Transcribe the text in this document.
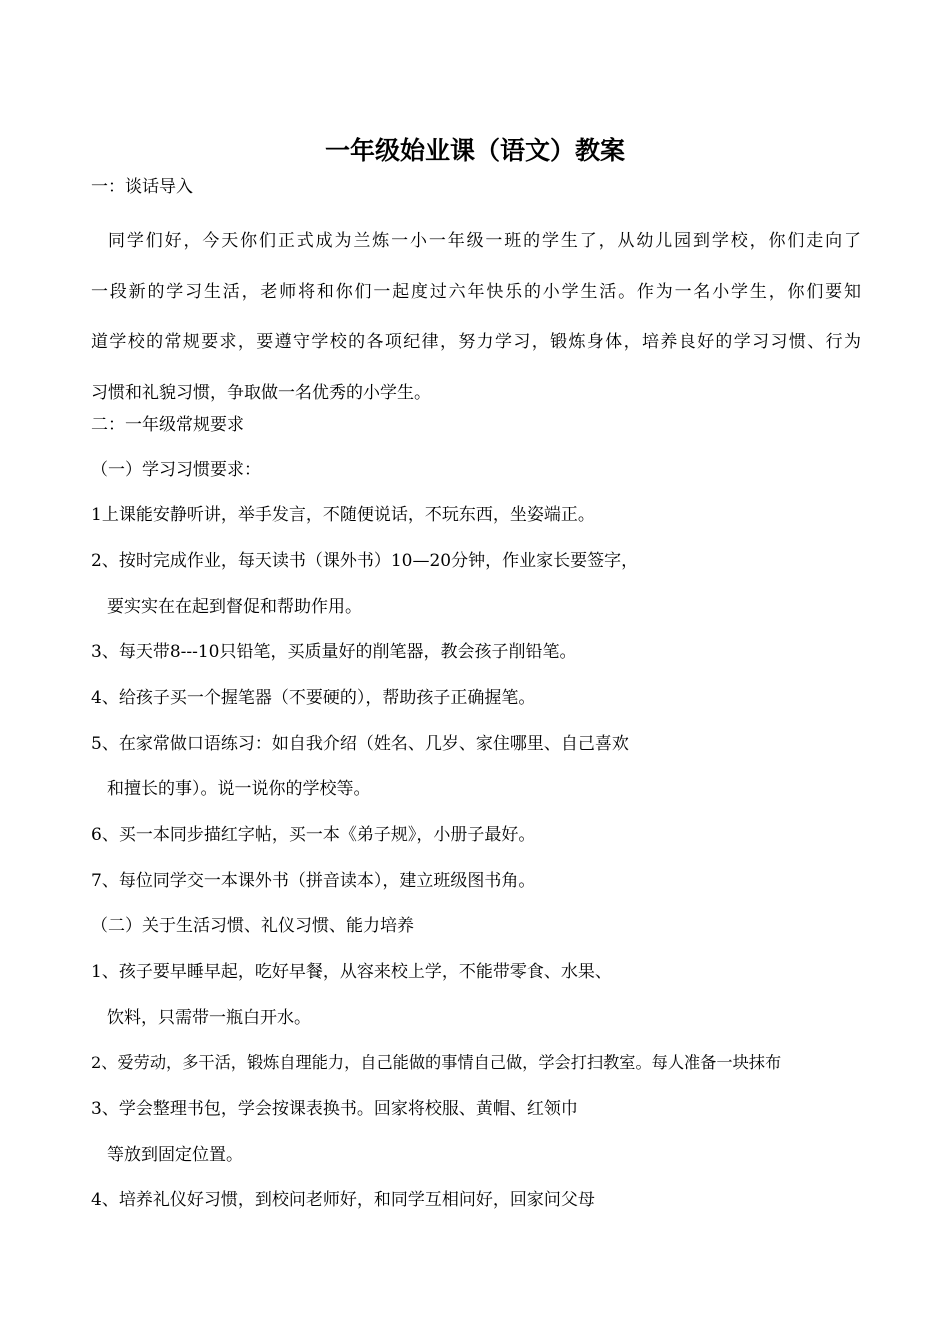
一年级始业课（语文）教案
一：谈话导入
同学们好，今天你们正式成为兰炼一小一年级一班的学生了，从幼儿园到学校，你们走向了
一段新的学习生活，老师将和你们一起度过六年快乐的小学生活。作为一名小学生，你们要知
道学校的常规要求，要遵守学校的各项纪律，努力学习，锻炼身体，培养良好的学习习惯、行为
习惯和礼貌习惯，争取做一名优秀的小学生。
二：一年级常规要求
（一）学习习惯要求：
1上课能安静听讲，举手发言，不随便说话，不玩东西，坐姿端正。
2、按时完成作业，每天读书（课外书）10—20分钟，作业家长要签字，
要实实在在起到督促和帮助作用。
3、每天带8---10只铅笔，买质量好的削笔器，教会孩子削铅笔。
4、给孩子买一个握笔器（不要硬的），帮助孩子正确握笔。
5、在家常做口语练习：如自我介绍（姓名、几岁、家住哪里、自己喜欢
和擅长的事）。说一说你的学校等。
6、买一本同步描红字帖，买一本《弟子规》，小册子最好。
7、每位同学交一本课外书（拼音读本），建立班级图书角。
（二）关于生活习惯、礼仪习惯、能力培养
1、孩子要早睡早起，吃好早餐，从容来校上学，不能带零食、水果、
饮料，只需带一瓶白开水。
2、爱劳动，多干活，锻炼自理能力，自己能做的事情自己做，学会打扫教室。每人准备一块抹布
3、学会整理书包，学会按课表换书。回家将校服、黄帽、红领巾
等放到固定位置。
4、培养礼仪好习惯，到校问老师好，和同学互相问好，回家问父母
